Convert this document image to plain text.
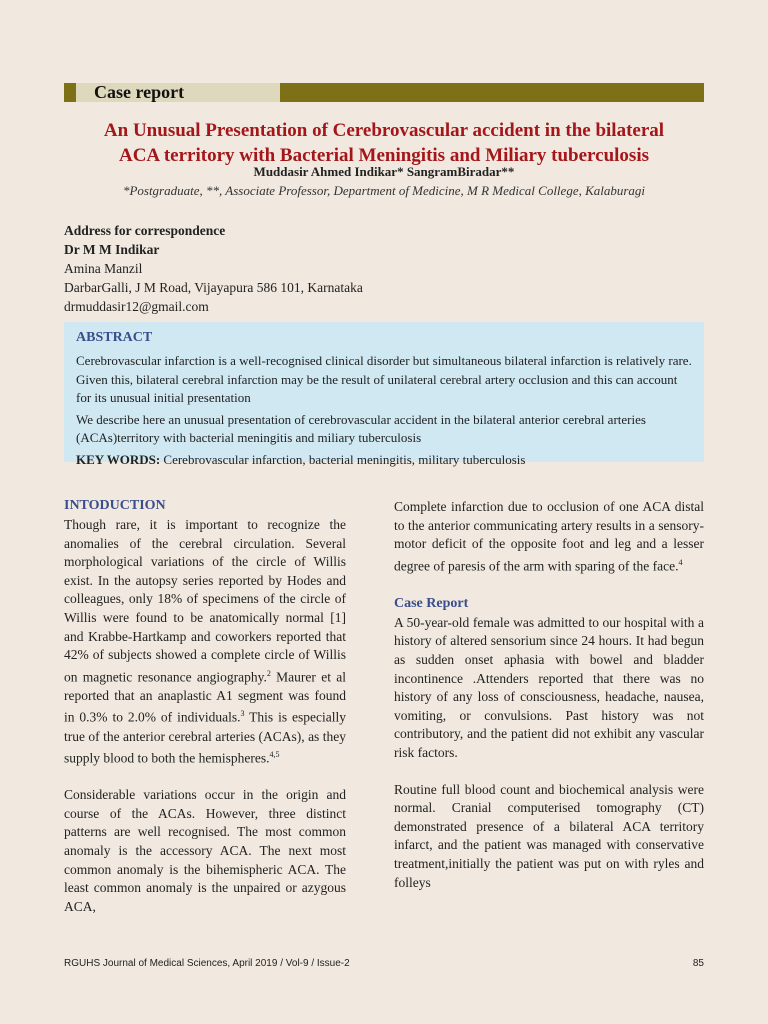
Case report
An Unusual Presentation of Cerebrovascular accident in the bilateral
ACA territory with Bacterial Meningitis and Miliary tuberculosis
Muddasir Ahmed Indikar* SangramBiradar**
*Postgraduate, **, Associate Professor, Department of Medicine, M R Medical College, Kalaburagi
Address for correspondence
Dr M M Indikar
Amina Manzil
DarbarGalli, J M Road, Vijayapura 586 101, Karnataka
drmuddasir12@gmail.com
ABSTRACT

Cerebrovascular infarction is a well-recognised clinical disorder but simultaneous bilateral infarction is relatively rare. Given this, bilateral cerebral infarction may be the result of unilateral cerebral artery occlusion and this can account for its unusual initial presentation

We describe here an unusual presentation of cerebrovascular accident in the bilateral anterior cerebral arteries (ACAs)territory with bacterial meningitis and miliary tuberculosis

KEY WORDS: Cerebrovascular infarction, bacterial meningitis, military tuberculosis

INTODUCTION

Though rare, it is important to recognize the anomalies of the cerebral circulation. Several morphological variations of the circle of Willis exist. In the autopsy series reported by Hodes and colleagues, only 18% of specimens of the circle of Willis were found to be anatomically normal [1] and Krabbe-Hartkamp and coworkers reported that 42% of subjects showed a complete circle of Willis on magnetic resonance angiography.$^2$ Maurer et al reported that an anaplastic A1 segment was found in 0.3% to 2.0% of individuals.$^3$ This is especially true of the anterior cerebral arteries (ACAs), as they supply blood to both the hemispheres.$^{4,5}$

Considerable variations occur in the origin and course of the ACAs. However, three distinct patterns are well recognised. The most common anomaly is the accessory ACA. The next most common anomaly is the bihemispheric ACA. The least common anomaly is the unpaired or azygous ACA,

Complete infarction due to occlusion of one ACA distal to the anterior communicating artery results in a sensory-motor deficit of the opposite foot and leg and a lesser degree of paresis of the arm with sparing of the face.$^4$

Case Report

A 50-year-old female was admitted to our hospital with a history of altered sensorium since 24 hours. It had begun as sudden onset aphasia with bowel and bladder incontinence .Attenders reported that there was no history of any loss of consciousness, headache, nausea, vomiting, or convulsions. Past history was not contributory, and the patient did not exhibit any vascular risk factors.

Routine full blood count and biochemical analysis were normal. Cranial computerised tomography (CT) demonstrated presence of a bilateral ACA territory infarct, and the patient was managed with conservative treatment,initially the patient was put on with ryles and folleys

RGUHS Journal of Medical Sciences, April 2019 / Vol-9 / Issue-2	85
